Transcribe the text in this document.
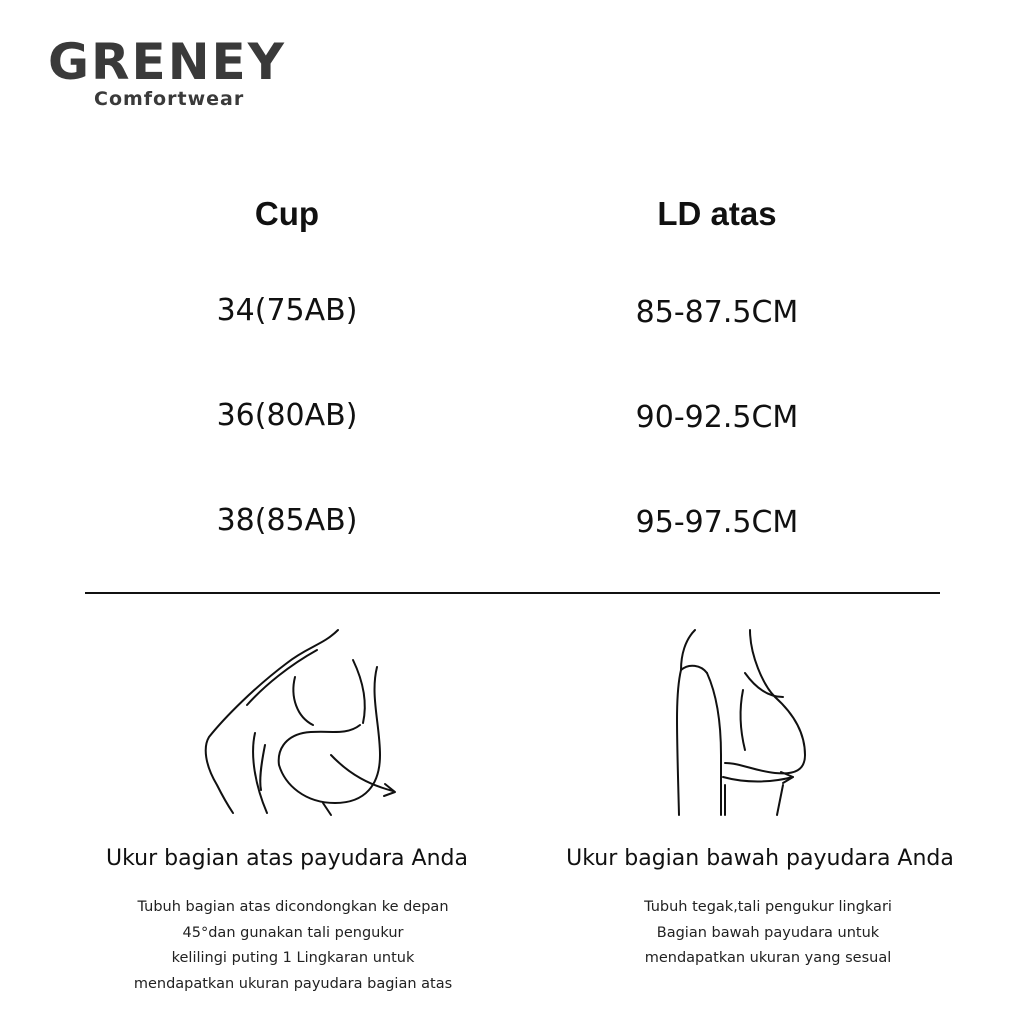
GRENEY
Comfortwear
Cup	LD atas
34(75AB)	85-87.5CM
36(80AB)	90-92.5CM
38(85AB)	95-97.5CM
Ukur bagian atas payudara Anda	Ukur bagian bawah payudara Anda
Tubuh bagian atas dicondongkan ke depan
45°dan gunakan tali pengukur
kelilingi puting 1 Lingkaran untuk
mendapatkan ukuran payudara bagian atas
Tubuh tegak,tali pengukur lingkari
Bagian bawah payudara untuk
mendapatkan ukuran yang sesual
